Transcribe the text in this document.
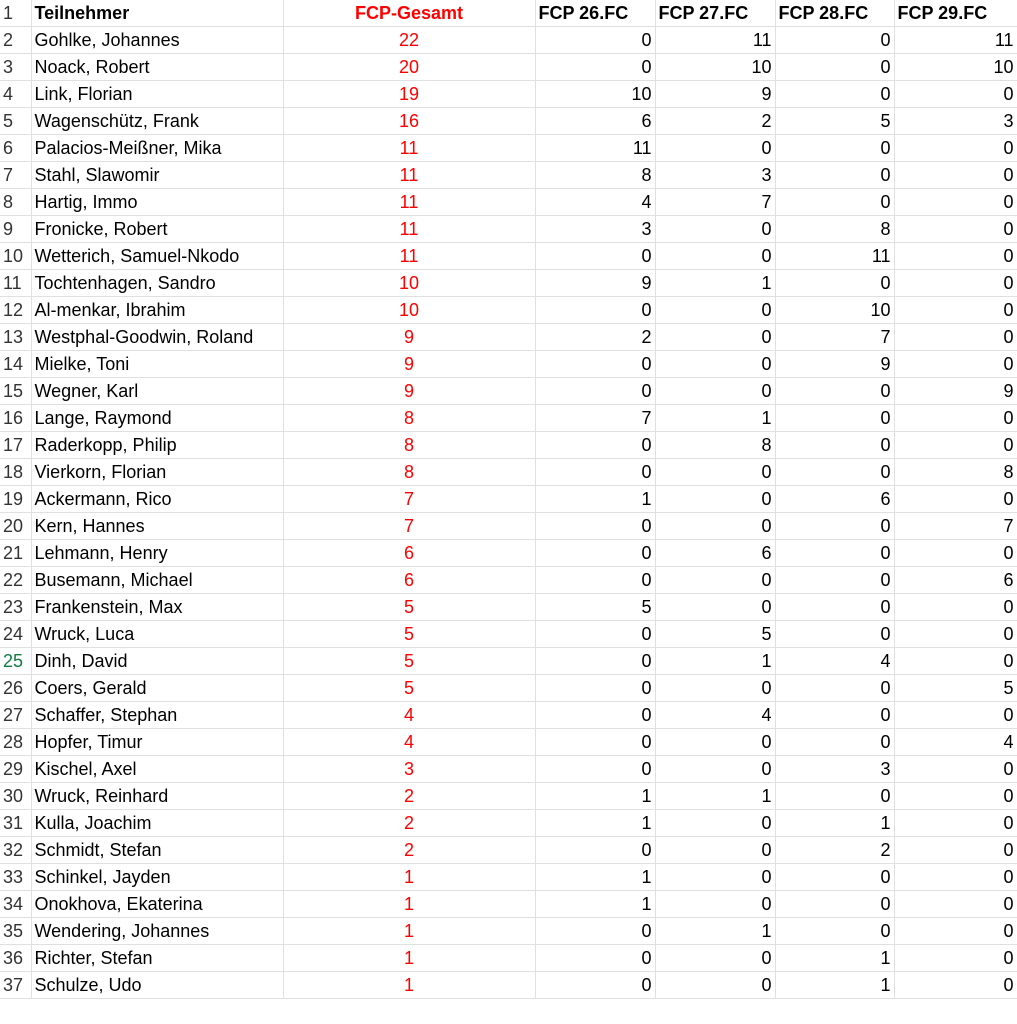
1	Teilnehmer	FCP-Gesamt	FCP 26.FC	FCP 27.FC	FCP 28.FC	FCP 29.FC
2	Gohlke, Johannes	22	0	11	0	11
3	Noack, Robert	20	0	10	0	10
4	Link, Florian	19	10	9	0	0
5	Wagenschütz, Frank	16	6	2	5	3
6	Palacios-Meißner, Mika	11	11	0	0	0
7	Stahl, Slawomir	11	8	3	0	0
8	Hartig, Immo	11	4	7	0	0
9	Fronicke, Robert	11	3	0	8	0
10	Wetterich, Samuel-Nkodo	11	0	0	11	0
11	Tochtenhagen, Sandro	10	9	1	0	0
12	Al-menkar, Ibrahim	10	0	0	10	0
13	Westphal-Goodwin, Roland	9	2	0	7	0
14	Mielke, Toni	9	0	0	9	0
15	Wegner, Karl	9	0	0	0	9
16	Lange, Raymond	8	7	1	0	0
17	Raderkopp, Philip	8	0	8	0	0
18	Vierkorn, Florian	8	0	0	0	8
19	Ackermann, Rico	7	1	0	6	0
20	Kern, Hannes	7	0	0	0	7
21	Lehmann, Henry	6	0	6	0	0
22	Busemann, Michael	6	0	0	0	6
23	Frankenstein, Max	5	5	0	0	0
24	Wruck, Luca	5	0	5	0	0
25	Dinh, David	5	0	1	4	0
26	Coers, Gerald	5	0	0	0	5
27	Schaffer, Stephan	4	0	4	0	0
28	Hopfer, Timur	4	0	0	0	4
29	Kischel, Axel	3	0	0	3	0
30	Wruck, Reinhard	2	1	1	0	0
31	Kulla, Joachim	2	1	0	1	0
32	Schmidt, Stefan	2	0	0	2	0
33	Schinkel, Jayden	1	1	0	0	0
34	Onokhova, Ekaterina	1	1	0	0	0
35	Wendering, Johannes	1	0	1	0	0
36	Richter, Stefan	1	0	0	1	0
37	Schulze, Udo	1	0	0	1	0
